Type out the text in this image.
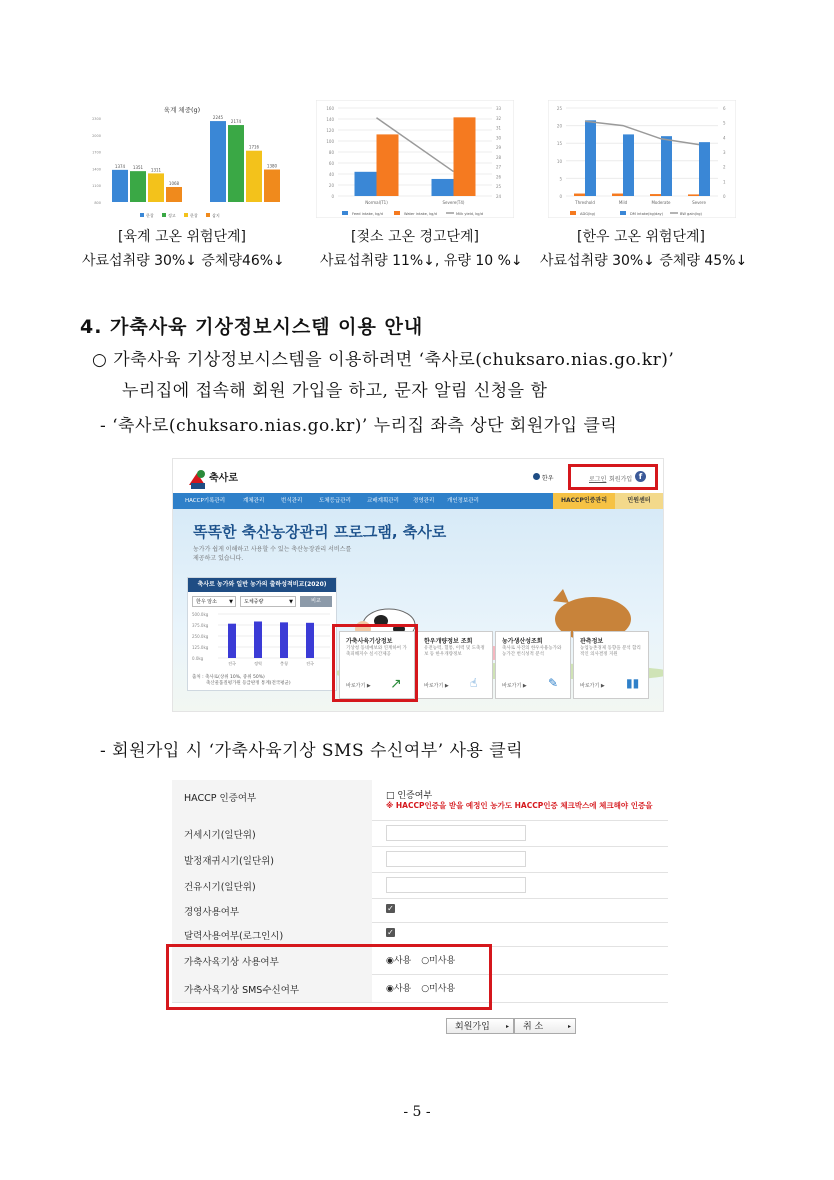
육계 체중(g)
1374 1351 1311
1068
2245
2174
1716
1380
800
1100
1400
1700
2000
2300
한창	정고	한창	삼지
0
20
40
60
80
100
120
140
160
24
25
26
27
28
29
30
31
32
33
Normal(T1)	Severe(T4)
Feed intake, kg/d	Water intake, kg/d	Milk yield, kg/d
0
5
10
15
20
25
0
1
2
3
4
5
6
Threshold	Mild	Moderate	Severe
ADG(kg)	DM intake(kg/day)	BW gain(kg)
[육계 고온 위험단계]
사료섭취량 30%↓ 증체량46%↓
[젖소 고온 경고단계]
사료섭취량 11%↓, 유량 10 %↓
[한우 고온 위험단계]
사료섭취량 30%↓ 증체량 45%↓
4. 가축사육 기상정보시스템 이용 안내
○ 가축사육 기상정보시스템을 이용하려면 ‘축사로(chuksaro.nias.go.kr)’
누리집에 접속해 회원 가입을 하고, 문자 알림 신청을 함
- ‘축사로(chuksaro.nias.go.kr)’ 누리집 좌측 상단 회원가입 클릭
축사로	한우	로그인 회원가입 f
HACCP기록관리	계체관리	번식관리	도체등급관리	교배계획관리	경영관리 개인정보관리	HACCP인증관리	민원센터
똑똑한 축산농장관리 프로그램, 축사로
농가가 쉽게 이해하고 사용할 수 있는 축산농장관리 서비스를
제공하고 있습니다.
축사로 농가와 일반 농가의 출하성적비교(2020)
한우 암소 ▼	도체중량	▼	비교
500.0kg
375.0kg
250.0kg
125.0kg
0.0kg
전국	정역	충청	전국
출처 : 축사로(상위 10%, 중위 50%)
축산물품질평가원 등급판정 통계(전국평균)
가축사육기상정보
기상청 동네예보와 연계하여 가축피해지수 실시간제공
바로가기 ▶ ↗
한우개량정보 조회
유전능력, 혈통, 이력 및 도축정보 등 한우개량정보
바로가기 ▶ ☝
농가생산성조회
축사로 사진의 한우사용농가와 농가간 번식성적 분석
바로가기 ▶ ✎
관측정보
농업농촌경제 동향을 분석 합리적인 의사결정 지원
바로가기 ▶ ▮▮
- 회원가입 시 ‘가축사육기상 SMS 수신여부’ 사용 클릭
HACCP 인증여부	□ 인증여부
※ HACCP인증을 받을 예정인 농가도 HACCP인증 체크박스에 체크해야 인증을
거세시기(일단위)
발정재귀시기(일단위)
건유시기(일단위)
경영사용여부	✓
달력사용여부(로그인시)	✓
가축사육기상 사용여부	◉사용 ○미사용
가축사육기상 SMS수신여부	◉사용 ○미사용
회원가입	▸	취 소	▸
- 5 -
